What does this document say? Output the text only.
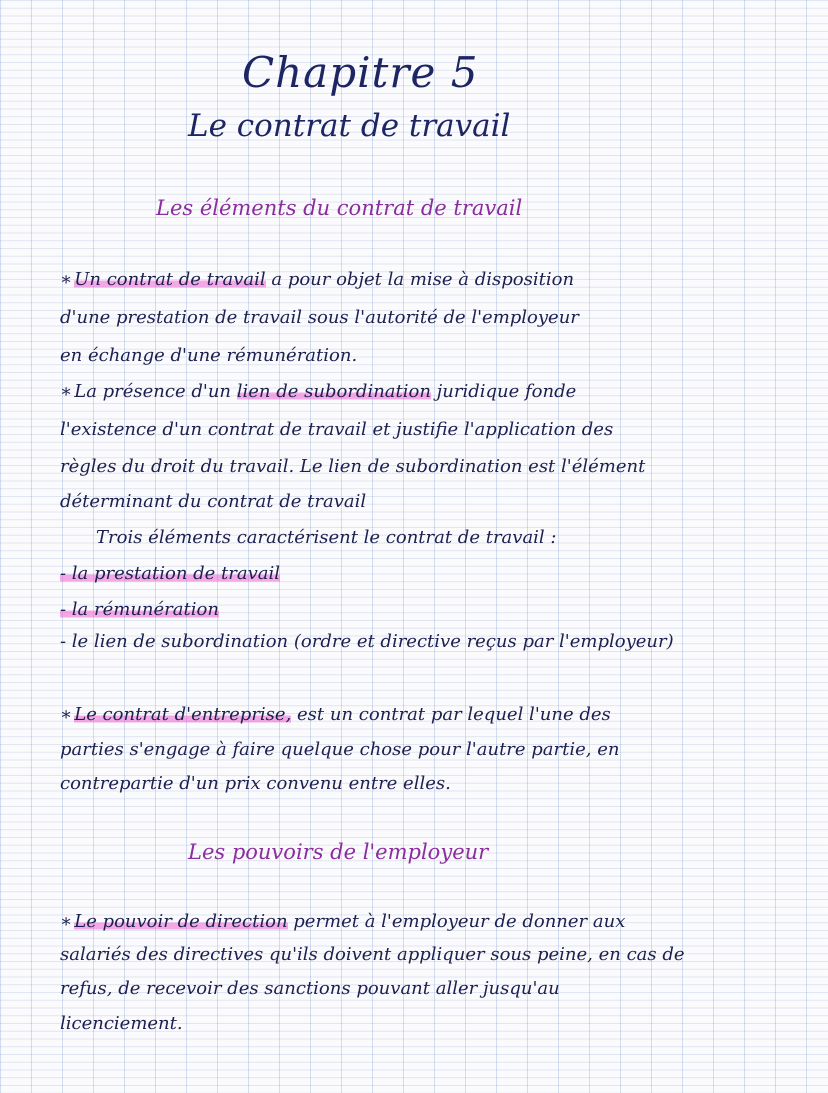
Chapitre 5
Le contrat de travail
Les éléments du contrat de travail
∗ Un contrat de travail a pour objet la mise à disposition
d'une prestation de travail sous l'autorité de l'employeur
en échange d'une rémunération.
∗ La présence d'un lien de subordination juridique fonde
l'existence d'un contrat de travail et justifie l'application des
règles du droit du travail. Le lien de subordination est l'élément
déterminant du contrat de travail
Trois éléments caractérisent le contrat de travail :
- la prestation de travail
- la rémunération
- le lien de subordination (ordre et directive reçus par l'employeur)
∗ Le contrat d'entreprise, est un contrat par lequel l'une des
parties s'engage à faire quelque chose pour l'autre partie, en
contrepartie d'un prix convenu entre elles.
Les pouvoirs de l'employeur
∗ Le pouvoir de direction permet à l'employeur de donner aux
salariés des directives qu'ils doivent appliquer sous peine, en cas de
refus, de recevoir des sanctions pouvant aller jusqu'au
licenciement.
